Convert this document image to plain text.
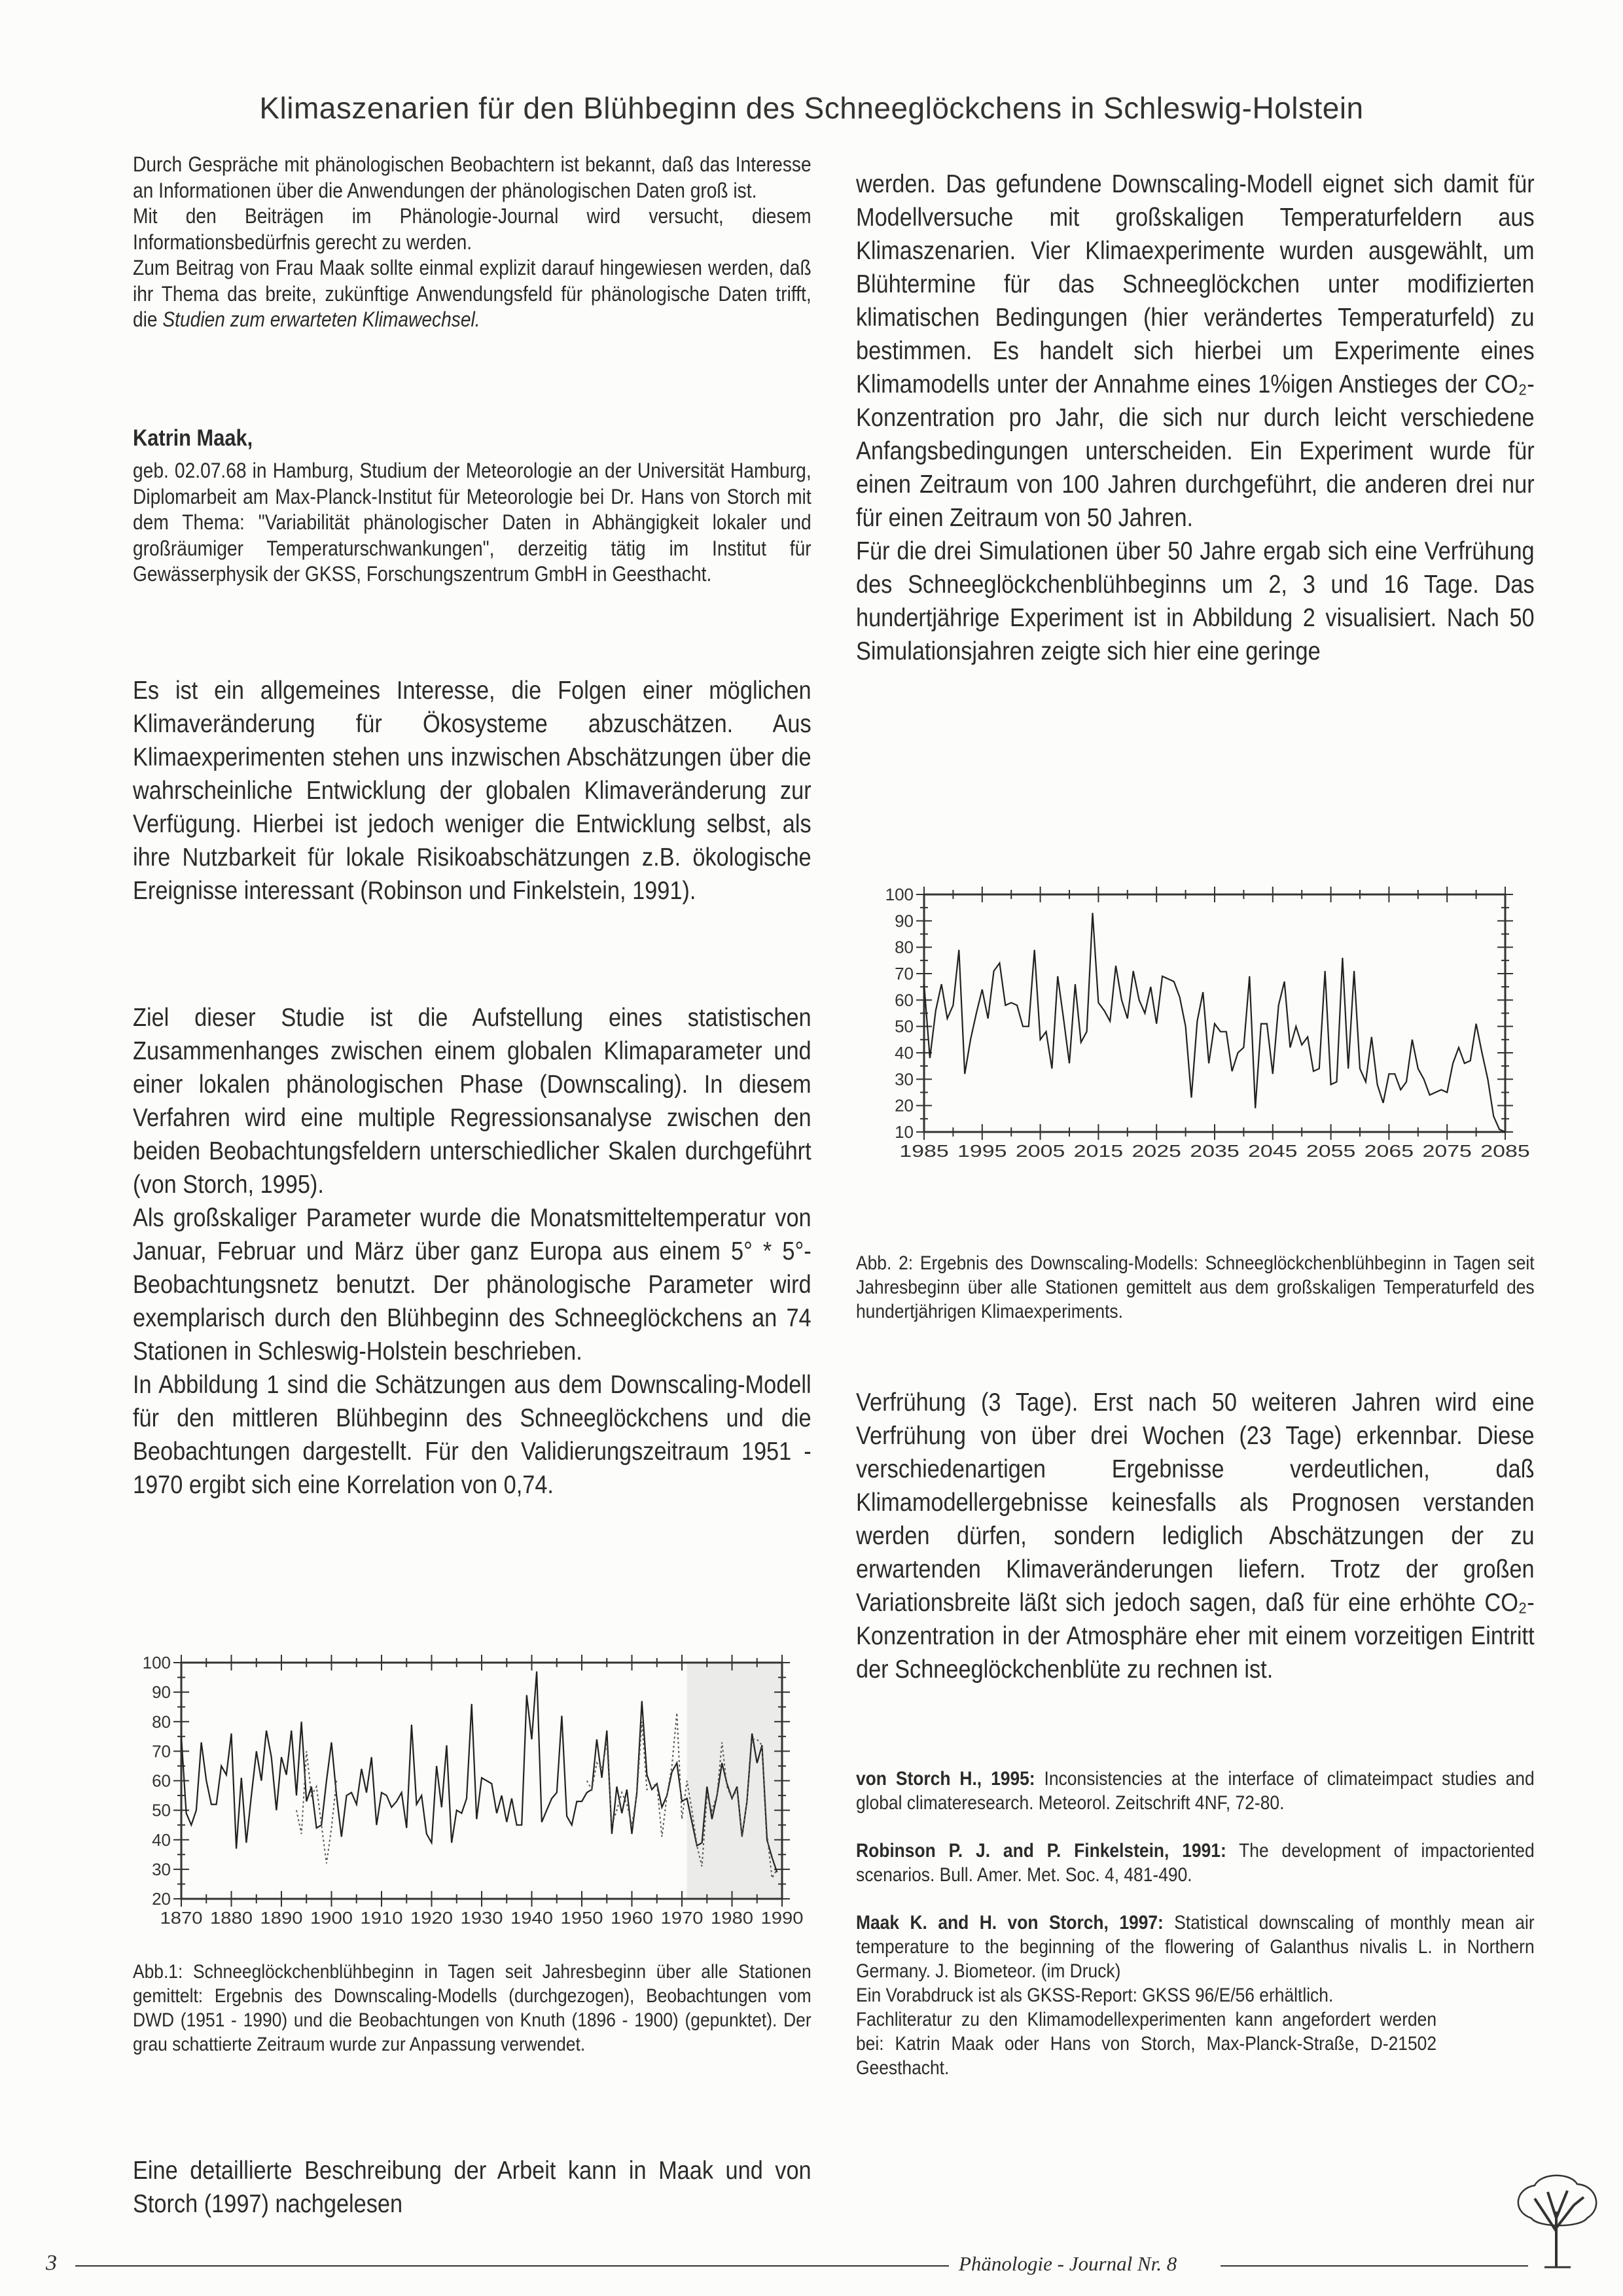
Klimaszenarien für den Blühbeginn des Schneeglöckchens in Schleswig-Holstein

Durch Gespräche mit phänologischen Beobachtern ist bekannt, daß das Interesse an Informationen über die Anwendungen der phänologischen Daten groß ist.

Mit den Beiträgen im Phänologie-Journal wird versucht, diesem Informationsbedürfnis gerecht zu werden.

Zum Beitrag von Frau Maak sollte einmal explizit darauf hingewiesen werden, daß ihr Thema das breite, zukünftige Anwendungsfeld für phänologische Daten trifft, die Studien zum erwarteten Klimawechsel.

Katrin Maak,
geb. 02.07.68 in Hamburg, Studium der Meteorologie an der Universität Hamburg, Diplomarbeit am Max-Planck-Institut für Meteorologie bei Dr. Hans von Storch mit dem Thema: "Variabilität phänologischer Daten in Abhängigkeit lokaler und großräumiger Temperaturschwankungen", derzeitig tätig im Institut für Gewässerphysik der GKSS, Forschungszentrum GmbH in Geesthacht.
Es ist ein allgemeines Interesse, die Folgen einer möglichen Klimaveränderung für Ökosysteme abzuschätzen. Aus Klimaexperimenten stehen uns inzwischen Abschätzungen über die wahrscheinliche Entwicklung der globalen Klimaveränderung zur Verfügung. Hierbei ist jedoch weniger die Entwicklung selbst, als ihre Nutzbarkeit für lokale Risikoabschätzungen z.B. ökologische Ereignisse interessant (Robinson und Finkelstein, 1991).

Ziel dieser Studie ist die Aufstellung eines statistischen Zusammenhanges zwischen einem globalen Klimaparameter und einer lokalen phänologischen Phase (Downscaling). In diesem Verfahren wird eine multiple Regressionsanalyse zwischen den beiden Beobachtungsfeldern unterschiedlicher Skalen durchgeführt (von Storch, 1995).

Als großskaliger Parameter wurde die Monatsmitteltemperatur von Januar, Februar und März über ganz Europa aus einem 5° * 5°-Beobachtungsnetz benutzt. Der phänologische Parameter wird exemplarisch durch den Blühbeginn des Schneeglöckchens an 74 Stationen in Schleswig-Holstein beschrieben.

In Abbildung 1 sind die Schätzungen aus dem Downscaling-Modell für den mittleren Blühbeginn des Schneeglöckchens und die Beobachtungen dargestellt. Für den Validierungszeitraum 1951 - 1970 ergibt sich eine Korrelation von 0,74.

Abb.1: Schneeglöckchenblühbeginn in Tagen seit Jahresbeginn über alle Stationen gemittelt: Ergebnis des Downscaling-Modells (durchgezogen), Beobachtungen vom DWD (1951 - 1990) und die Beobachtungen von Knuth (1896 - 1900) (gepunktet). Der grau schattierte Zeitraum wurde zur Anpassung verwendet.
Eine detaillierte Beschreibung der Arbeit kann in Maak und von Storch (1997) nachgelesen

werden. Das gefundene Downscaling-Modell eignet sich damit für Modellversuche mit großskaligen Temperaturfeldern aus Klimaszenarien. Vier Klimaexperimente wurden ausgewählt, um Blühtermine für das Schneeglöckchen unter modifizierten klimatischen Bedingungen (hier verändertes Temperaturfeld) zu bestimmen. Es handelt sich hierbei um Experimente eines Klimamodells unter der Annahme eines 1%igen Anstieges der CO₂-Konzentration pro Jahr, die sich nur durch leicht verschiedene Anfangsbedingungen unterscheiden. Ein Experiment wurde für einen Zeitraum von 100 Jahren durchgeführt, die anderen drei nur für einen Zeitraum von 50 Jahren.

Für die drei Simulationen über 50 Jahre ergab sich eine Verfrühung des Schneeglöckchenblühbeginns um 2, 3 und 16 Tage. Das hundertjährige Experiment ist in Abbildung 2 visualisiert. Nach 50 Simulationsjahren zeigte sich hier eine geringe

Abb. 2: Ergebnis des Downscaling-Modells: Schneeglöckchenblühbeginn in Tagen seit Jahresbeginn über alle Stationen gemittelt aus dem großskaligen Temperaturfeld des hundertjährigen Klimaexperiments.
Verfrühung (3 Tage). Erst nach 50 weiteren Jahren wird eine Verfrühung von über drei Wochen (23 Tage) erkennbar. Diese verschiedenartigen Ergebnisse verdeutlichen, daß Klimamodellergebnisse keinesfalls als Prognosen verstanden werden dürfen, sondern lediglich Abschätzungen der zu erwartenden Klimaveränderungen liefern. Trotz der großen Variationsbreite läßt sich jedoch sagen, daß für eine erhöhte CO₂-Konzentration in der Atmosphäre eher mit einem vorzeitigen Eintritt der Schneeglöckchenblüte zu rechnen ist.

von Storch H., 1995: Inconsistencies at the interface of climateimpact studies and global climateresearch. Meteorol. Zeitschrift 4NF, 72-80.

Robinson P. J. and P. Finkelstein, 1991: The development of impactoriented scenarios. Bull. Amer. Met. Soc. 4, 481-490.

Maak K. and H. von Storch, 1997: Statistical downscaling of monthly mean air temperature to the beginning of the flowering of Galanthus nivalis L. in Northern Germany. J. Biometeor. (im Druck)

Ein Vorabdruck ist als GKSS-Report: GKSS 96/E/56 erhältlich.

Fachliteratur zu den Klimamodellexperimenten kann angefordert werden bei: Katrin Maak oder Hans von Storch, Max-Planck-Straße, D-21502 Geesthacht.

3	Phänologie - Journal Nr. 8
1870 1880 1890 1900 1910 1920 1930 1940 1950 1960 1970 1980 1990
20
30
40
50
60
70
80
90
100
1985 1995 2005 2015 2025 2035 2045 2055 2065 2075 2085
10
20
30
40
50
60
70
80
90
100
